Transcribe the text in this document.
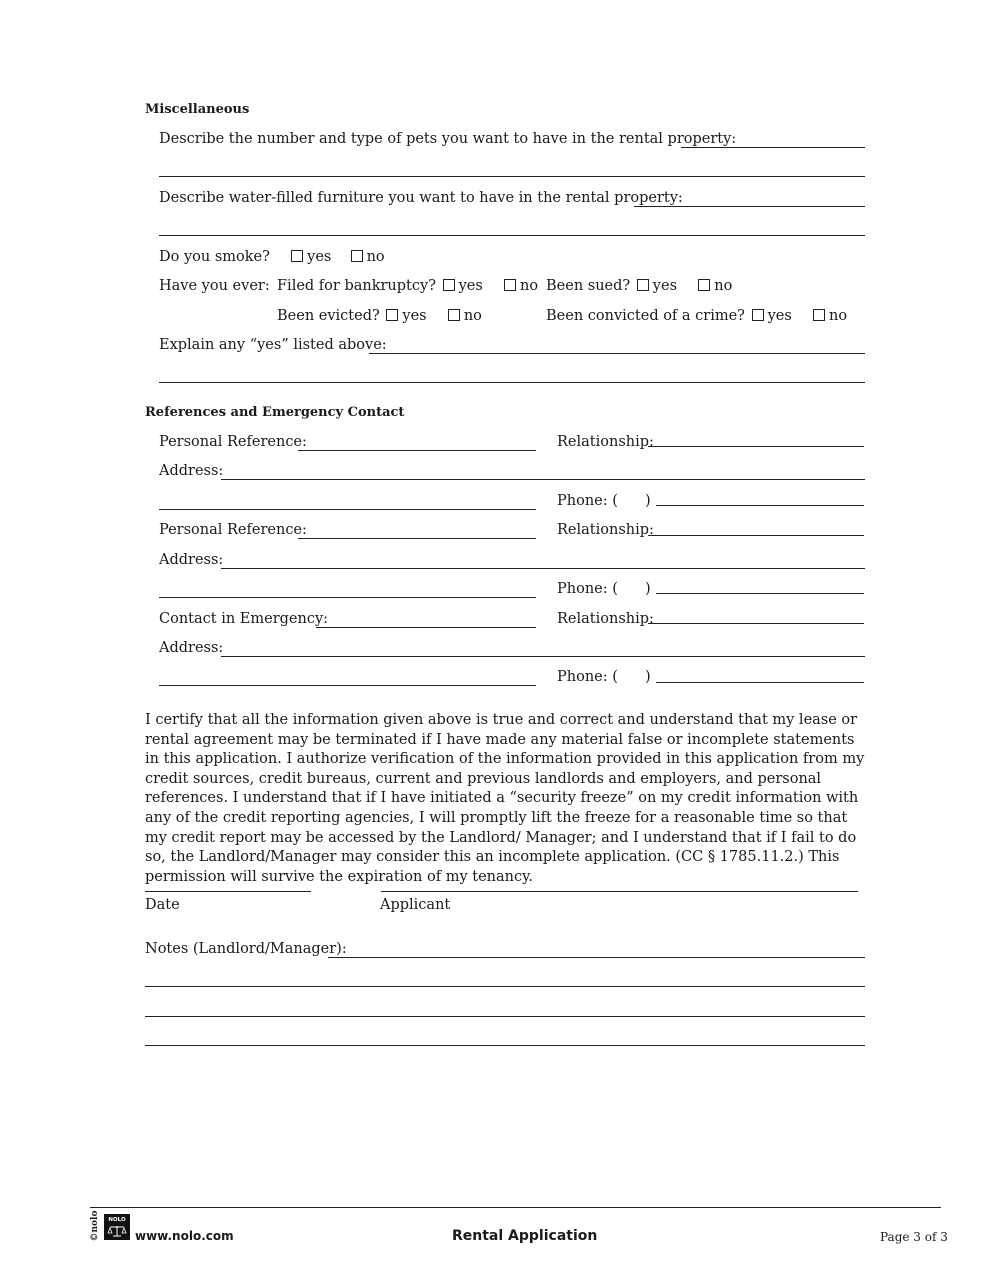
Miscellaneous
Describe the number and type of pets you want to have in the rental property:
Describe water-filled furniture you want to have in the rental property:
Do you smoke?	yes no
Have you ever: Filed for bankruptcy? yes	no Been sued? yes	no
Been evicted? yes	no	Been convicted of a crime? yes	no
Explain any “yes” listed above:
References and Emergency Contact
Personal Reference:	Relationship:
Address:
Phone: ( )
Personal Reference:	Relationship:
Address:
Phone: ( )
Contact in Emergency:	Relationship:
Address:
Phone: ( )
I certify that all the information given above is true and correct and understand that my lease or rental agreement may be terminated if I have made any material false or incomplete statements in this application. I authorize verification of the information provided in this application from my credit sources, credit bureaus, current and previous landlords and employers, and personal references. I understand that if I have initiated a “security freeze” on my credit information with any of the credit reporting agencies, I will promptly lift the freeze for a reasonable time so that my credit report may be accessed by the Landlord/ Manager; and I understand that if I fail to do so, the Landlord/Manager may consider this an incomplete application. (CC § 1785.11.2.) This permission will survive the expiration of my tenancy.
Date	Applicant
Notes (Landlord/Manager):
©nolo	NOLO
www.nolo.com	Rental Application	Page 3 of 3
